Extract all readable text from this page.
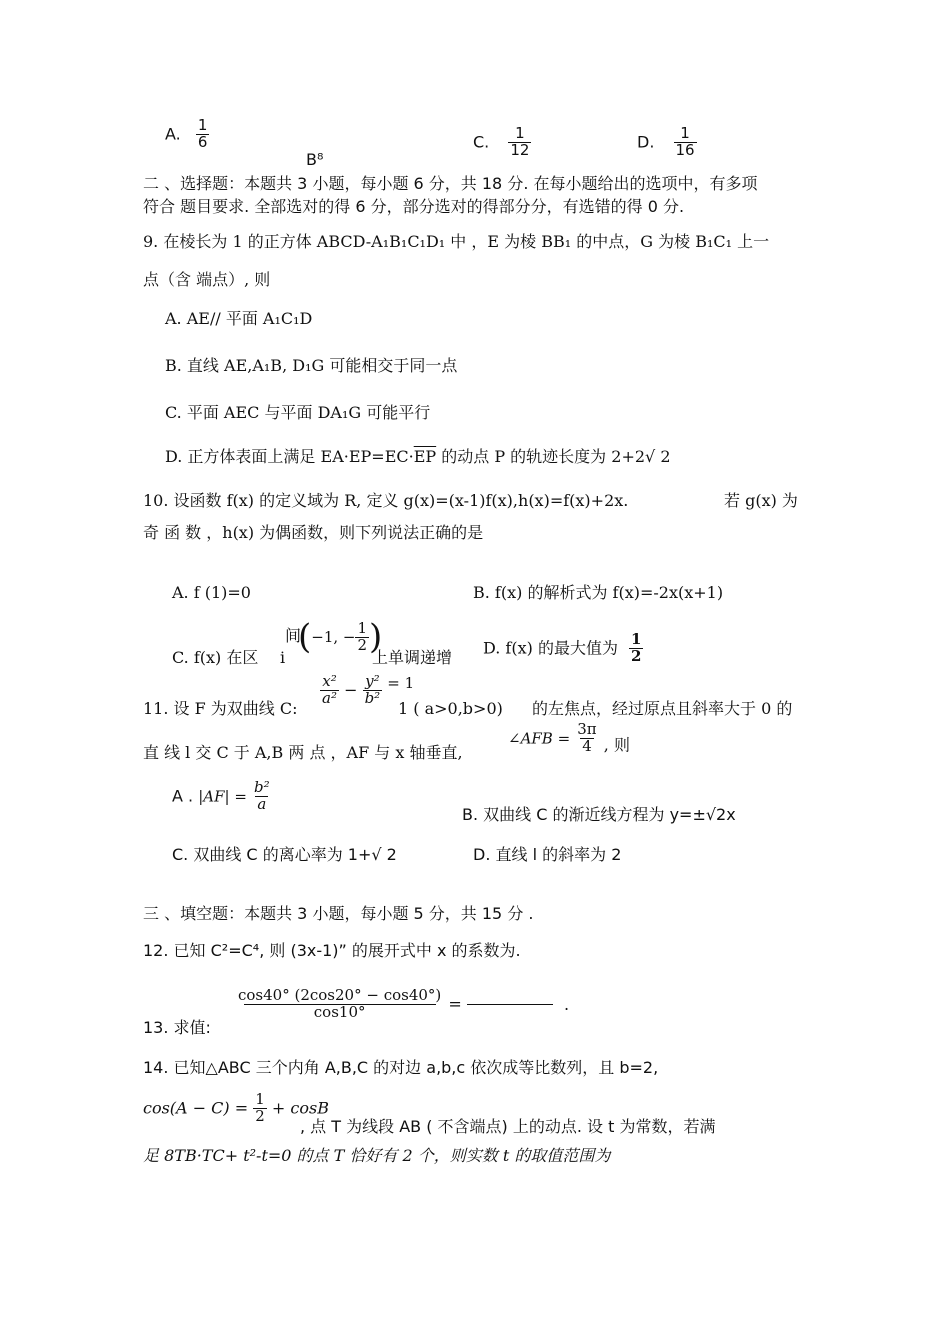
A. $\frac{1}{6}$
B⁸
C. $\frac{1}{12}$	D. $\frac{1}{16}$
二 、选择题：本题共 3 小题，每小题 6 分，共 18 分. 在每小题给出的选项中，有多项
符合 题目要求. 全部选对的得 6 分，部分选对的得部分分，有选错的得 0 分.
9. 在棱长为 1 的正方体 ABCD-A₁B₁C₁D₁ 中 ，E 为棱 BB₁ 的中点，G 为棱 B₁C₁ 上一
点（含 端点）, 则
A. AE// 平面 A₁C₁D
B. 直线 AE,A₁B, D₁G 可能相交于同一点
C. 平面 AEC 与平面 DA₁G 可能平行
D. 正方体表面上满足 $EA\cdot EP=EC\cdot\overline{EP}$ 的动点 P 的轨迹长度为 2+2√ 2
10. 设函数 f(x) 的定义域为 R, 定义 g(x)=(x-1)f(x),h(x)=f(x)+2x.	若 g(x) 为
奇 函 数 ，h(x) 为偶函数，则下列说法正确的是
A. f (1)=0	B. f(x) 的解析式为 f(x)=-2x(x+1)
C. f(x) 在区
间
i
(−1, − $\frac{1}{2}$ )
上单调递增 D. f(x) 的最大值为 $\frac{1}{2}$
11. 设 F 为双曲线 C:
$\frac{\text{x²}}{\text{a²}} - \frac{\text{y²}}{\text{b²}} = 1$
1 ( a>0,b>0) 的左焦点，经过原点且斜率大于 0 的
直 线 l 交 C 于 A,B 两 点 ，AF 与 x 轴垂直,
∠AFB = $\frac{3\pi}{4}$ , 则
A . $|AF| = \frac{\text{b²}}{a}$
B. 双曲线 C 的渐近线方程为 y=±√2x
C. 双曲线 C 的离心率为 1+√ 2	D. 直线 l 的斜率为 2
三 、填空题：本题共 3 小题，每小题 5 分，共 15 分 .
12. 已知 C²=C⁴, 则 (3x-1)” 的展开式中 x 的系数为.
13. 求值:
$\frac{\cos 40^\circ (2\cos 20^\circ - \cos 40^\circ)}{\cos 10^\circ}$ =	.
14. 已知△ABC 三个内角 A,B,C 的对边 a,b,c 依次成等比数列，且 b=2,
$\cos(A - C) = \frac{1}{2} + \cos B$
, 点 T 为线段 AB ( 不含端点) 上的动点. 设 t 为常数，若满
足 8TB·TC+ t²-t=0 的点 T 恰好有 2 个，则实数 t 的取值范围为
